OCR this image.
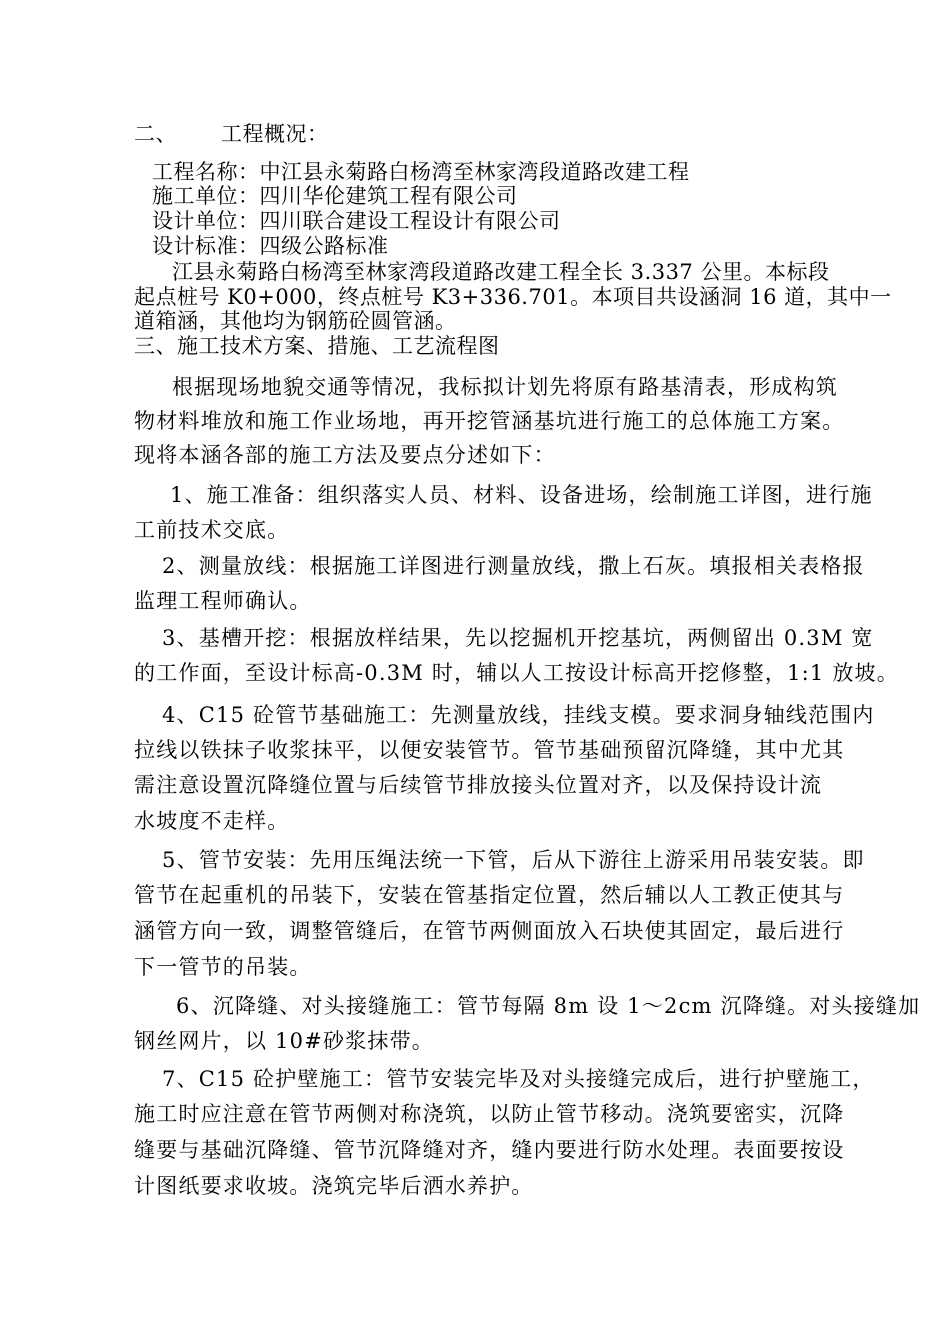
二、 工程概况：
工程名称：中江县永菊路白杨湾至林家湾段道路改建工程
施工单位：四川华伦建筑工程有限公司
设计单位：四川联合建设工程设计有限公司
设计标准：四级公路标准
江县永菊路白杨湾至林家湾段道路改建工程全长 3.337 公里。本标段
起点桩号 K0+000，终点桩号 K3+336.701。本项目共设涵洞 16 道，其中一
道箱涵，其他均为钢筋砼圆管涵。
三、施工技术方案、措施、工艺流程图
根据现场地貌交通等情况，我标拟计划先将原有路基清表，形成构筑
物材料堆放和施工作业场地，再开挖管涵基坑进行施工的总体施工方案。
现将本涵各部的施工方法及要点分述如下：
1、施工准备：组织落实人员、材料、设备进场，绘制施工详图，进行施
工前技术交底。
2、测量放线：根据施工详图进行测量放线，撒上石灰。填报相关表格报
监理工程师确认。
3、基槽开挖：根据放样结果，先以挖掘机开挖基坑，两侧留出 0.3M 宽
的工作面，至设计标高-0.3M 时，辅以人工按设计标高开挖修整，1:1 放坡。
4、C15 砼管节基础施工：先测量放线，挂线支模。要求洞身轴线范围内
拉线以铁抹子收浆抹平，以便安装管节。管节基础预留沉降缝，其中尤其
需注意设置沉降缝位置与后续管节排放接头位置对齐，以及保持设计流
水坡度不走样。
5、管节安装：先用压绳法统一下管，后从下游往上游采用吊装安装。即
管节在起重机的吊装下，安装在管基指定位置，然后辅以人工教正使其与
涵管方向一致，调整管缝后，在管节两侧面放入石块使其固定，最后进行
下一管节的吊装。
6、沉降缝、对头接缝施工：管节每隔 8m 设 1～2cm 沉降缝。对头接缝加
钢丝网片，以 10#砂浆抹带。
7、C15 砼护壁施工：管节安装完毕及对头接缝完成后，进行护壁施工，
施工时应注意在管节两侧对称浇筑，以防止管节移动。浇筑要密实，沉降
缝要与基础沉降缝、管节沉降缝对齐，缝内要进行防水处理。表面要按设
计图纸要求收坡。浇筑完毕后洒水养护。
